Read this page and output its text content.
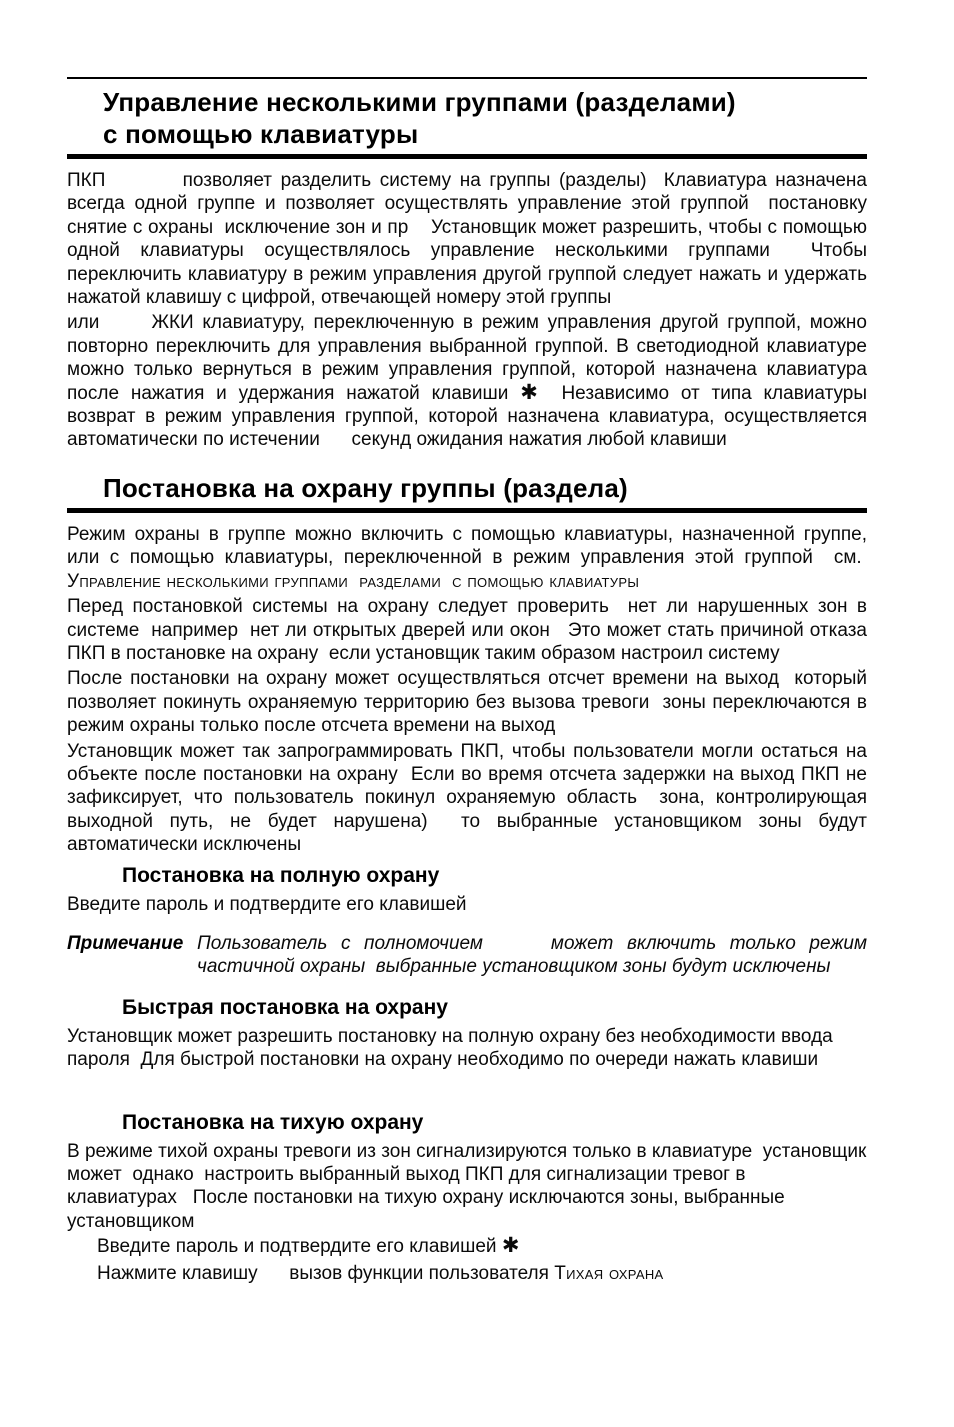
Управление несколькими группами (разделами)
с помощью клавиатуры

ПКП         позволяет разделить систему на группы (разделы)  Клавиатура назначена всегда одной группе и позволяет осуществлять управление этой группой  постановку снятие с охраны  исключение зон и пр    Установщик может разрешить, чтобы с помощью одной клавиатуры осуществлялось управление несколькими группами  Чтобы переключить клавиатуру в режим управления другой группой следует нажать и удержать нажатой клавишу с цифрой, отвечающей номеру этой группы

или      ЖКИ клавиатуру, переключенную в режим управления другой группой, можно повторно переключить для управления выбранной группой. В светодиодной клавиатуре можно только вернуться в режим управления группой, которой назначена клавиатура после нажатия и удержания нажатой клавиши ✱  Независимо от типа клавиатуры возврат в режим управления группой, которой назначена клавиатура, осуществляется автоматически по истечении      секунд ожидания нажатия любой клавиши

Постановка на охрану группы (раздела)

Режим охраны в группе можно включить с помощью клавиатуры, назначенной группе, или с помощью клавиатуры, переключенной в режим управления этой группой  см.  Управление несколькими группами  разделами  с помощью клавиатуры

Перед постановкой системы на охрану следует проверить  нет ли нарушенных зон в системе  например  нет ли открытых дверей или окон   Это может стать причиной отказа ПКП в постановке на охрану  если установщик таким образом настроил систему

После постановки на охрану может осуществляться отсчет времени на выход  который позволяет покинуть охраняемую территорию без вызова тревоги  зоны переключаются в режим охраны только после отсчета времени на выход

Установщик может так запрограммировать ПКП, чтобы пользователи могли остаться на объекте после постановки на охрану  Если во время отсчета задержки на выход ПКП не зафиксирует, что пользователь покинул охраняемую область  зона, контролирующая выходной путь, не будет нарушена)  то выбранные установщиком зоны будут автоматически исключены

Постановка на полную охрану

Введите пароль и подтвердите его клавишей

Примечание Пользователь с полномочием     может включить только режим частичной охраны  выбранные установщиком зоны будут исключены
Быстрая постановка на охрану

Установщик может разрешить постановку на полную охрану без необходимости ввода пароля  Для быстрой постановки на охрану необходимо по очереди нажать клавиши

Постановка на тихую охрану

В режиме тихой охраны тревоги из зон сигнализируются только в клавиатуре  установщик может  однако  настроить выбранный выход ПКП для сигнализации тревог в клавиатурах   После постановки на тихую охрану исключаются зоны, выбранные установщиком

Введите пароль и подтвердите его клавишей ✱

Нажмите клавишу      вызов функции пользователя Тихая охрана
